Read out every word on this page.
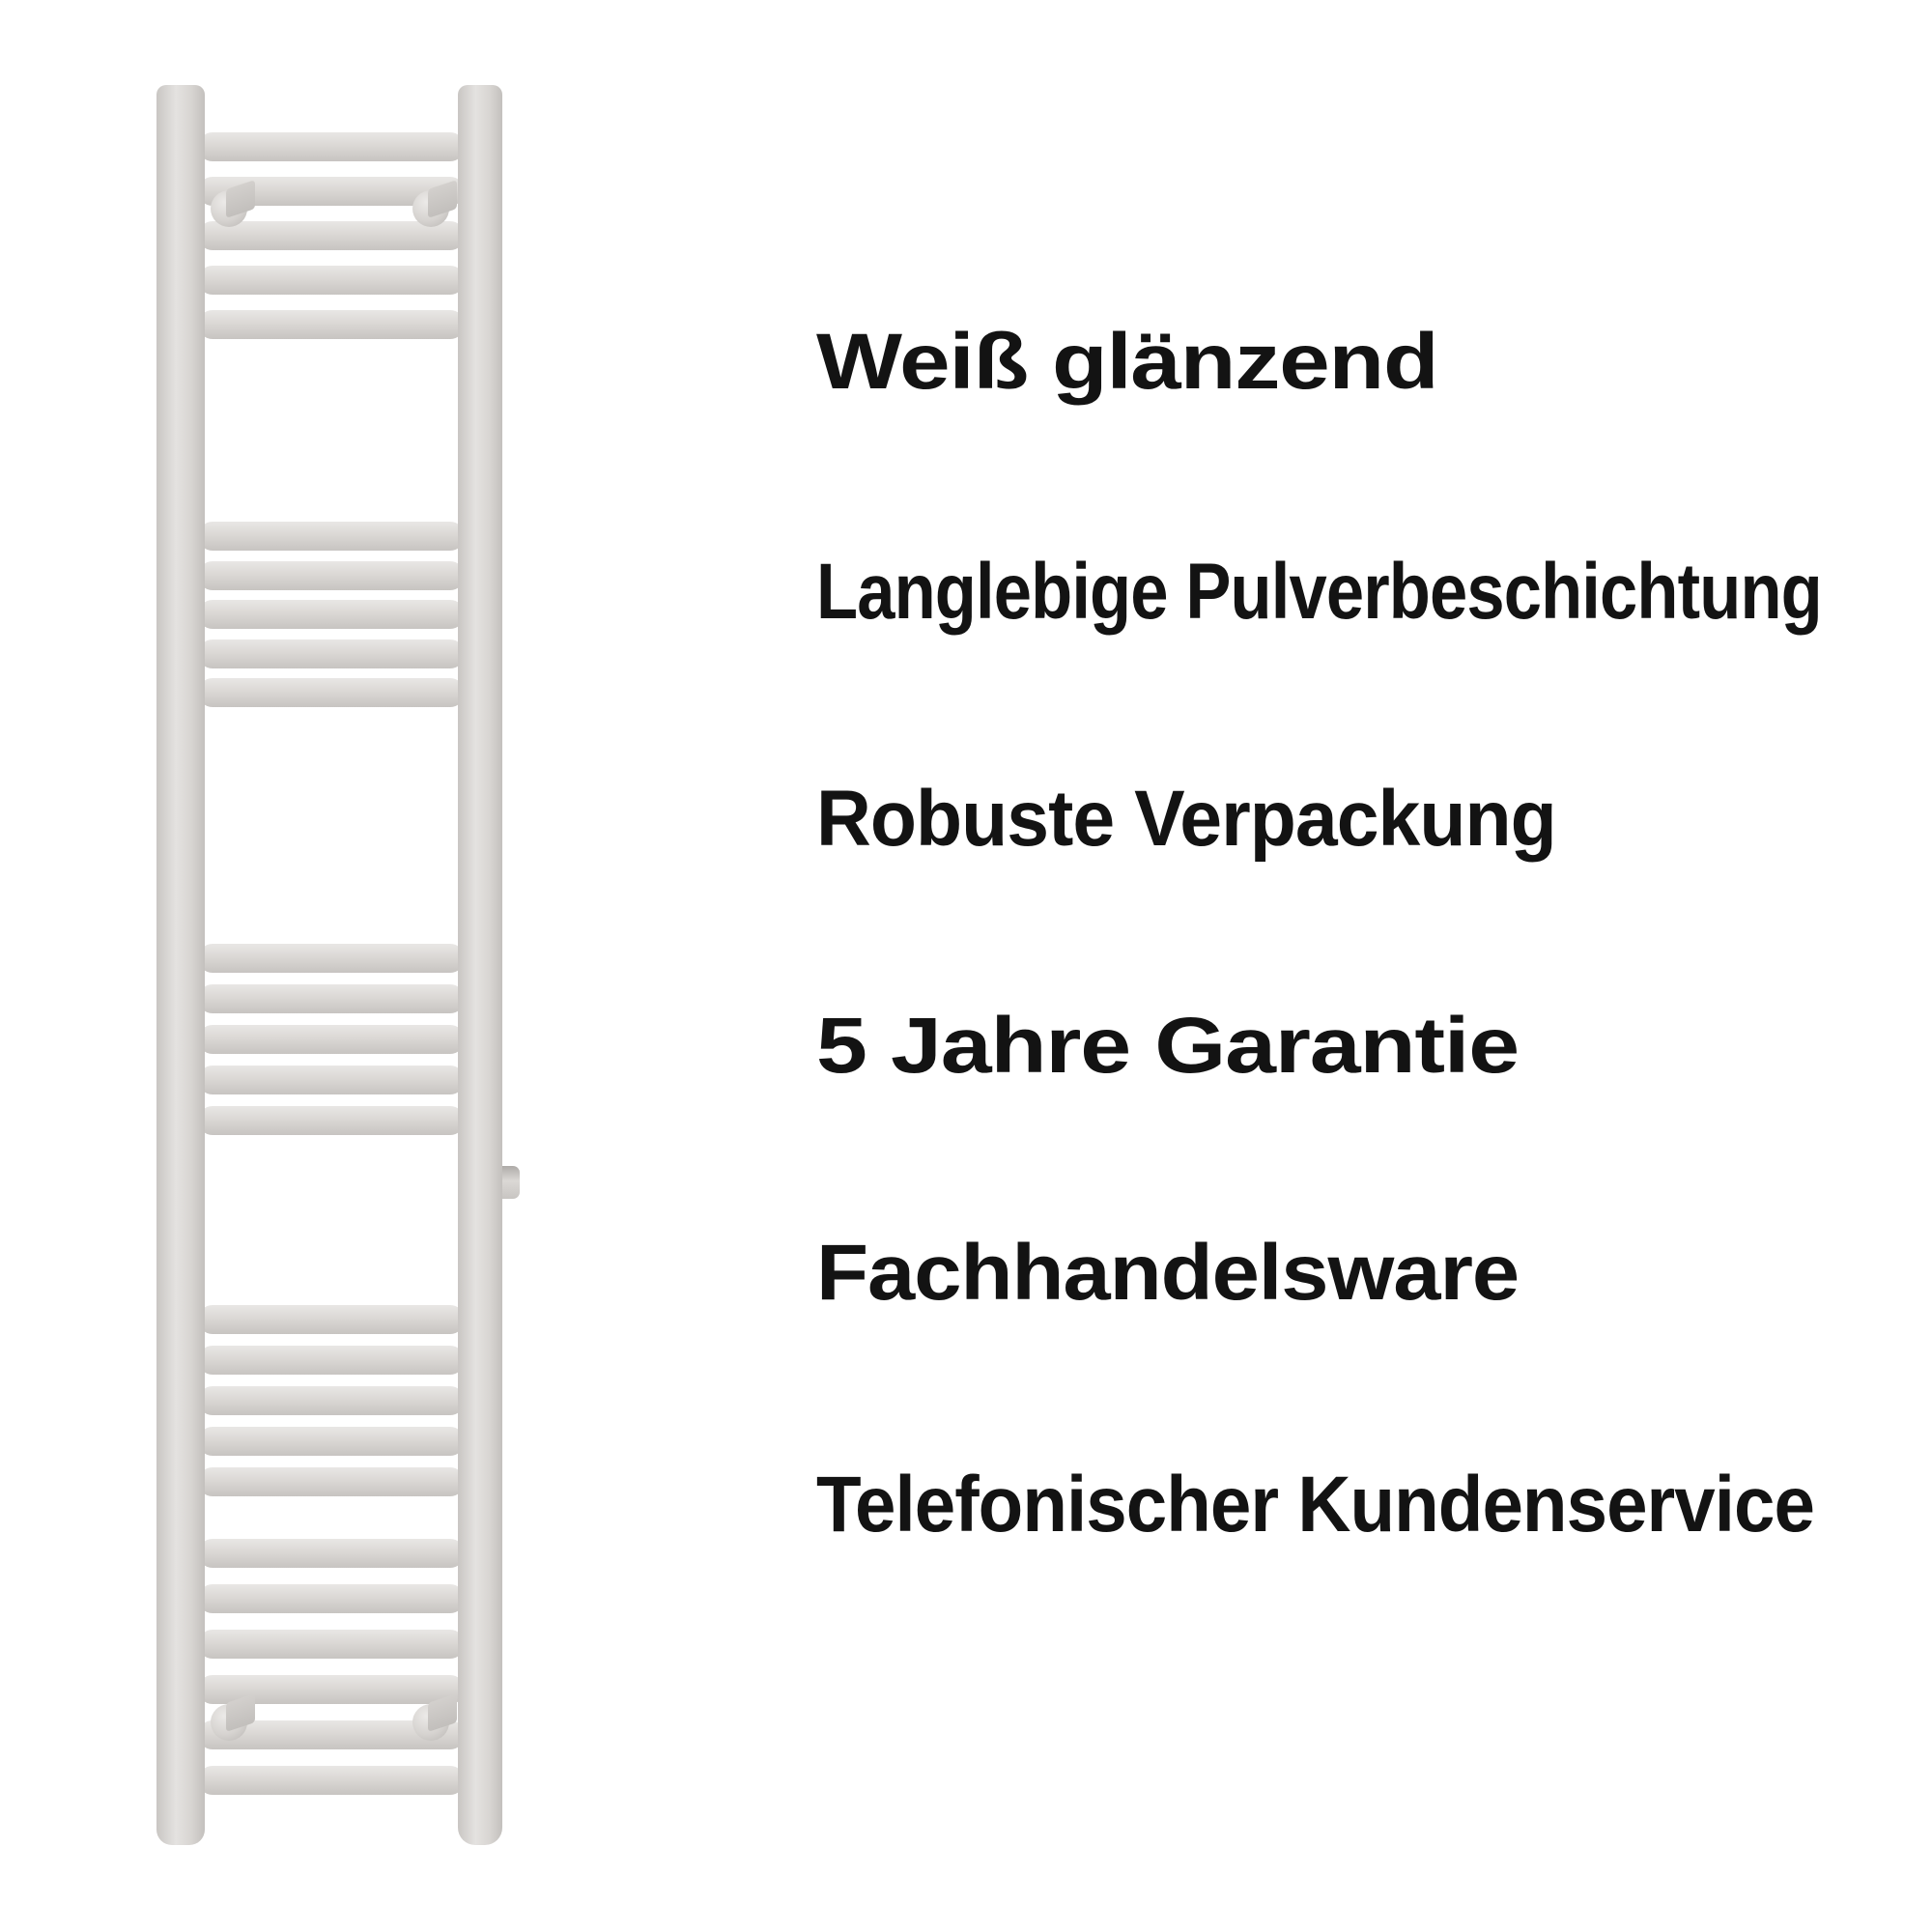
Weiß glänzend
Langlebige Pulverbeschichtung
Robuste Verpackung
5 Jahre Garantie
Fachhandelsware
Telefonischer Kundenservice
